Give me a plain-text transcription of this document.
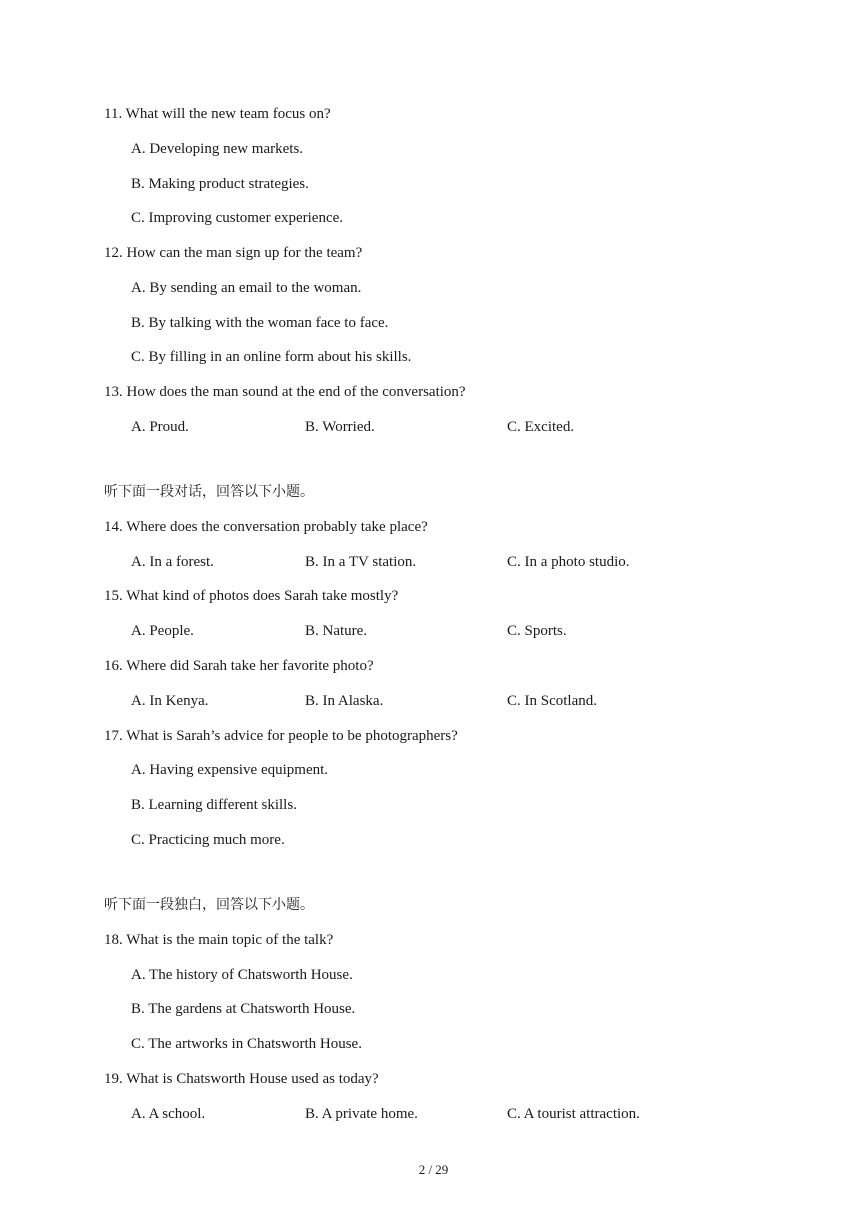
11. What will the new team focus on?
A. Developing new markets.
B. Making product strategies.
C. Improving customer experience.
12. How can the man sign up for the team?
A. By sending an email to the woman.
B. By talking with the woman face to face.
C. By filling in an online form about his skills.
13. How does the man sound at the end of the conversation?
A. Proud.	B. Worried.	C. Excited.
听下面一段对话，回答以下小题。
14. Where does the conversation probably take place?
A. In a forest.	B. In a TV station.	C. In a photo studio.
15. What kind of photos does Sarah take mostly?
A. People.	B. Nature.	C. Sports.
16. Where did Sarah take her favorite photo?
A. In Kenya.	B. In Alaska.	C. In Scotland.
17. What is Sarah’s advice for people to be photographers?
A. Having expensive equipment.
B. Learning different skills.
C. Practicing much more.
听下面一段独白，回答以下小题。
18. What is the main topic of the talk?
A. The history of Chatsworth House.
B. The gardens at Chatsworth House.
C. The artworks in Chatsworth House.
19. What is Chatsworth House used as today?
A. A school.	B. A private home.	C. A tourist attraction.
2 / 29
